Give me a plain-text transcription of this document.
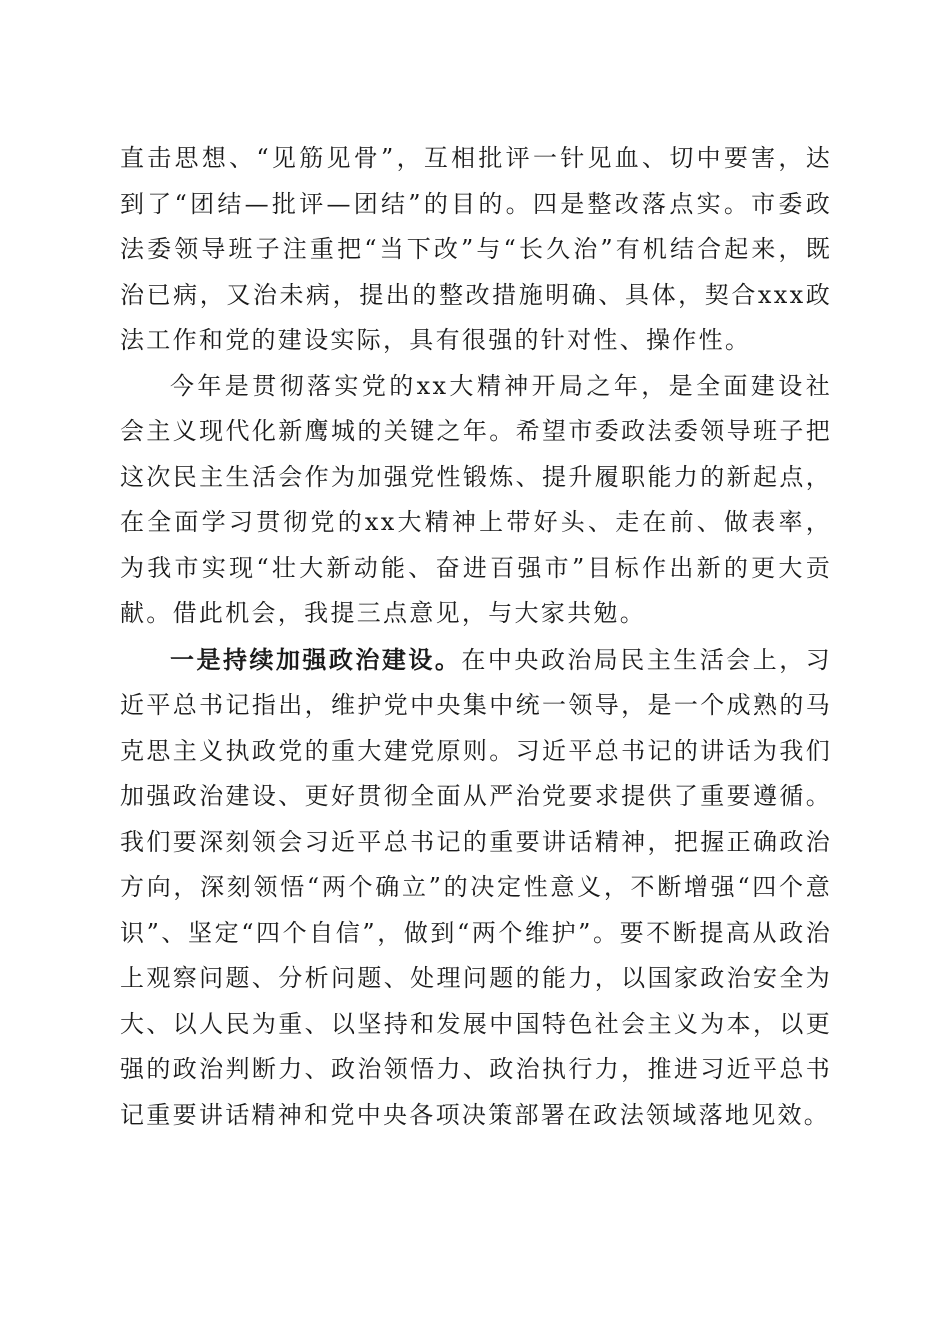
直击思想、“见筋见骨”，互相批评一针见血、切中要害，达到了“团结—批评—团结”的目的。四是整改落点实。市委政法委领导班子注重把“当下改”与“长久治”有机结合起来，既治已病，又治未病，提出的整改措施明确、具体，契合xxx政法工作和党的建设实际，具有很强的针对性、操作性。

今年是贯彻落实党的xx大精神开局之年，是全面建设社会主义现代化新鹰城的关键之年。希望市委政法委领导班子把这次民主生活会作为加强党性锻炼、提升履职能力的新起点，在全面学习贯彻党的xx大精神上带好头、走在前、做表率，为我市实现“壮大新动能、奋进百强市”目标作出新的更大贡献。借此机会，我提三点意见，与大家共勉。

一是持续加强政治建设。在中央政治局民主生活会上，习近平总书记指出，维护党中央集中统一领导，是一个成熟的马克思主义执政党的重大建党原则。习近平总书记的讲话为我们加强政治建设、更好贯彻全面从严治党要求提供了重要遵循。我们要深刻领会习近平总书记的重要讲话精神，把握正确政治方向，深刻领悟“两个确立”的决定性意义，不断增强“四个意识”、坚定“四个自信”，做到“两个维护”。要不断提高从政治上观察问题、分析问题、处理问题的能力，以国家政治安全为大、以人民为重、以坚持和发展中国特色社会主义为本，以更强的政治判断力、政治领悟力、政治执行力，推进习近平总书记重要讲话精神和党中央各项决策部署在政法领域落地见效。
